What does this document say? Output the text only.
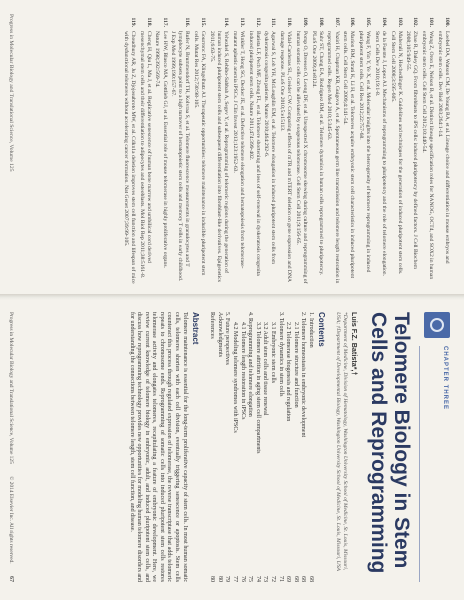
100.
Loebel DA, Watson CM, De Young RA, et al. Lineage choice and differentiation in mouse embryos and embryonic stem cells. Dev Biol 2003;264:1-14.
101.
Wang Z, Oron E, Nelson B, et al. Distinct lineage specification roles for NANOG, OCT4, and SOX2 in human embryonic stem cells. Cell Stem Cell 2012;10:440-54.
102.
Zhao R, Daley GQ. From fibroblasts to iPS cells: induced pluripotency by defined factors. J Cell Biochem 2008;105:949-55.
103.
Maherali N, Hochedlinger K. Guidelines and techniques for the generation of induced pluripotent stem cells. Cell Stem Cell 2008;3:595-605.
104.
de la Fuente J, Lopez AJ. Mechanisms of reprogramming to pluripotency and the role of telomere elongation. Stem Cells Dev 2010;19:1-8.
105.
Wang F, Yin Y, Ye X, et al. Molecular insights into the heterogeneity of telomere reprogramming in induced pluripotent stem cells. Cell Res 2012;22:757-68.
106.
Marion RM, Strati K, Li H, et al. Telomeres acquire embryonic stem cell characteristics in induced pluripotent stem cells. Cell Stem Cell 2009;4:141-54.
107.
Vaziri H, Chapman KB, Guigova A, et al. Spontaneous germ line transmission and telomere length restoration in reprogrammed cells. Regen Med 2010;5:345-63.
108.
Suhr ST, Chang EA, Rodriguez RM, et al. Telomere dynamics in human cells reprogrammed to pluripotency. PLoS One 2009;4:e8124.
109.
Pomp O, Dreesen O, Leong DF, et al. Unexpected X chromosome skewing during culture and reprogramming of human somatic cells can be alleviated by exogenous telomerase. Cell Stem Cell 2011;9:156-65.
110.
Vidal-Cardenas SL, Greider CW. Comparing effects of mTR and mTERT deletion on gene expression and DNA damage response. PLoS One 2010;5:e15113.
111.
Agarwal S, Loh YH, McLoughlin EM, et al. Telomere elongation in induced pluripotent stem cells from dyskeratosis congenita patients. Nature 2010;464:292-6.
112.
Batista LF, Pech MF, Zhong FL, et al. Telomere shortening and loss of self-renewal in dyskeratosis congenita induced pluripotent stem cells. Nature 2011;474:399-402.
113.
Winkler T, Hong SG, Decker JE, et al. Defective telomere elongation and hematopoiesis from telomerase-mutant aplastic anemia iPSCs. J Clin Invest 2013;123:1952-63.
114.
Yehezkel S, Rebibo-Sabbah A, Segev Y, et al. Reprogramming of telomeric regions during the generation of human induced pluripotent stem cells and subsequent differentiation into fibroblast-like derivatives. Epigenetics 2011;6:63-75.
115.
Gourronc FA, Klingelhutz AJ. Therapeutic opportunities: telomere maintenance in inducible pluripotent stem cells. Mutat Res 2012;730:98-105.
116.
Rufer N, Brummendorf TH, Kolvraa S, et al. Telomere fluorescence measurements in granulocytes and T lymphocyte subsets point to a high turnover of hematopoietic stem cells and memory T cells in early childhood. J Exp Med 1999;190:157-67.
117.
Lee HW, Blasco MA, Gottlieb GJ, et al. Essential role of mouse telomerase in highly proliferative organs. Nature 1998;392:569-74.
118.
Cheng H, Qiu L, Ma J, et al. Replicative senescence of human bone marrow and umbilical cord derived mesenchymal stem cells and their differentiation to adipocytes and osteoblasts. Mol Biol Rep 2011;38:5161-8.
119.
Choudhury AR, Ju Z, Djojosubroto MW, et al. Cdkn1a deletion improves stem cell function and lifespan of mice with dysfunctional telomeres without accelerating cancer formation. Nat Genet 2007;39:99-105.
Progress in Molecular Biology and Translational Science, Volume 125
CHAPTER THREE
Telomere Biology in Stem Cells and Reprogramming
Luis F.Z. Batista*,†
*Department of Medicine, Division of Hematology, Washington University School of Medicine, St. Louis, Missouri, USA; †Department of Developmental Biology, Washington University School of Medicine, St. Louis, Missouri, USA
Contents
1. Introduction
68
2. Telomere homeostasis in embryonic development
68
2.1 Telomere structure and function
68
2.2 Telomerase biogenesis and regulation
69
3. Telomere dynamics in stem cells
71
3.1 Embryonic stem cells
72
3.2 Adult stem cells and tissue renewal
73
3.3 Telomere attrition in aging stem cell compartments
74
4. Reprogramming and telomere elongation
75
4.1 Telomere length restoration in iPSCs
76
4.2 Modeling telomere syndromes with iPSCs
77
5. Future perspectives
79
Acknowledgments
80
References
80
Abstract
Telomere maintenance is essential for the long-term proliferative capacity of stem cells. In most human somatic cells, telomeres shorten with each cell division, eventually triggering senescence or apoptosis. Stem cells counteract this process through regulated expression of telomerase, the reverse transcriptase that adds telomeric repeats to chromosome ends. Reprogramming of somatic cells into induced pluripotent stem cells restores telomerase activity and elongates telomeres, recapitulating a feature of embryonic development. Here, we review current knowledge of telomere biology in embryonic, adult, and induced pluripotent stem cells, and discuss how reprogramming technology provides new opportunities for modeling human telomere disorders and for understanding the connections between telomere length, stem cell function, and disease.
Progress in Molecular Biology and Translational Science, Volume 125
© 2014 Elsevier Inc. All rights reserved.
67
